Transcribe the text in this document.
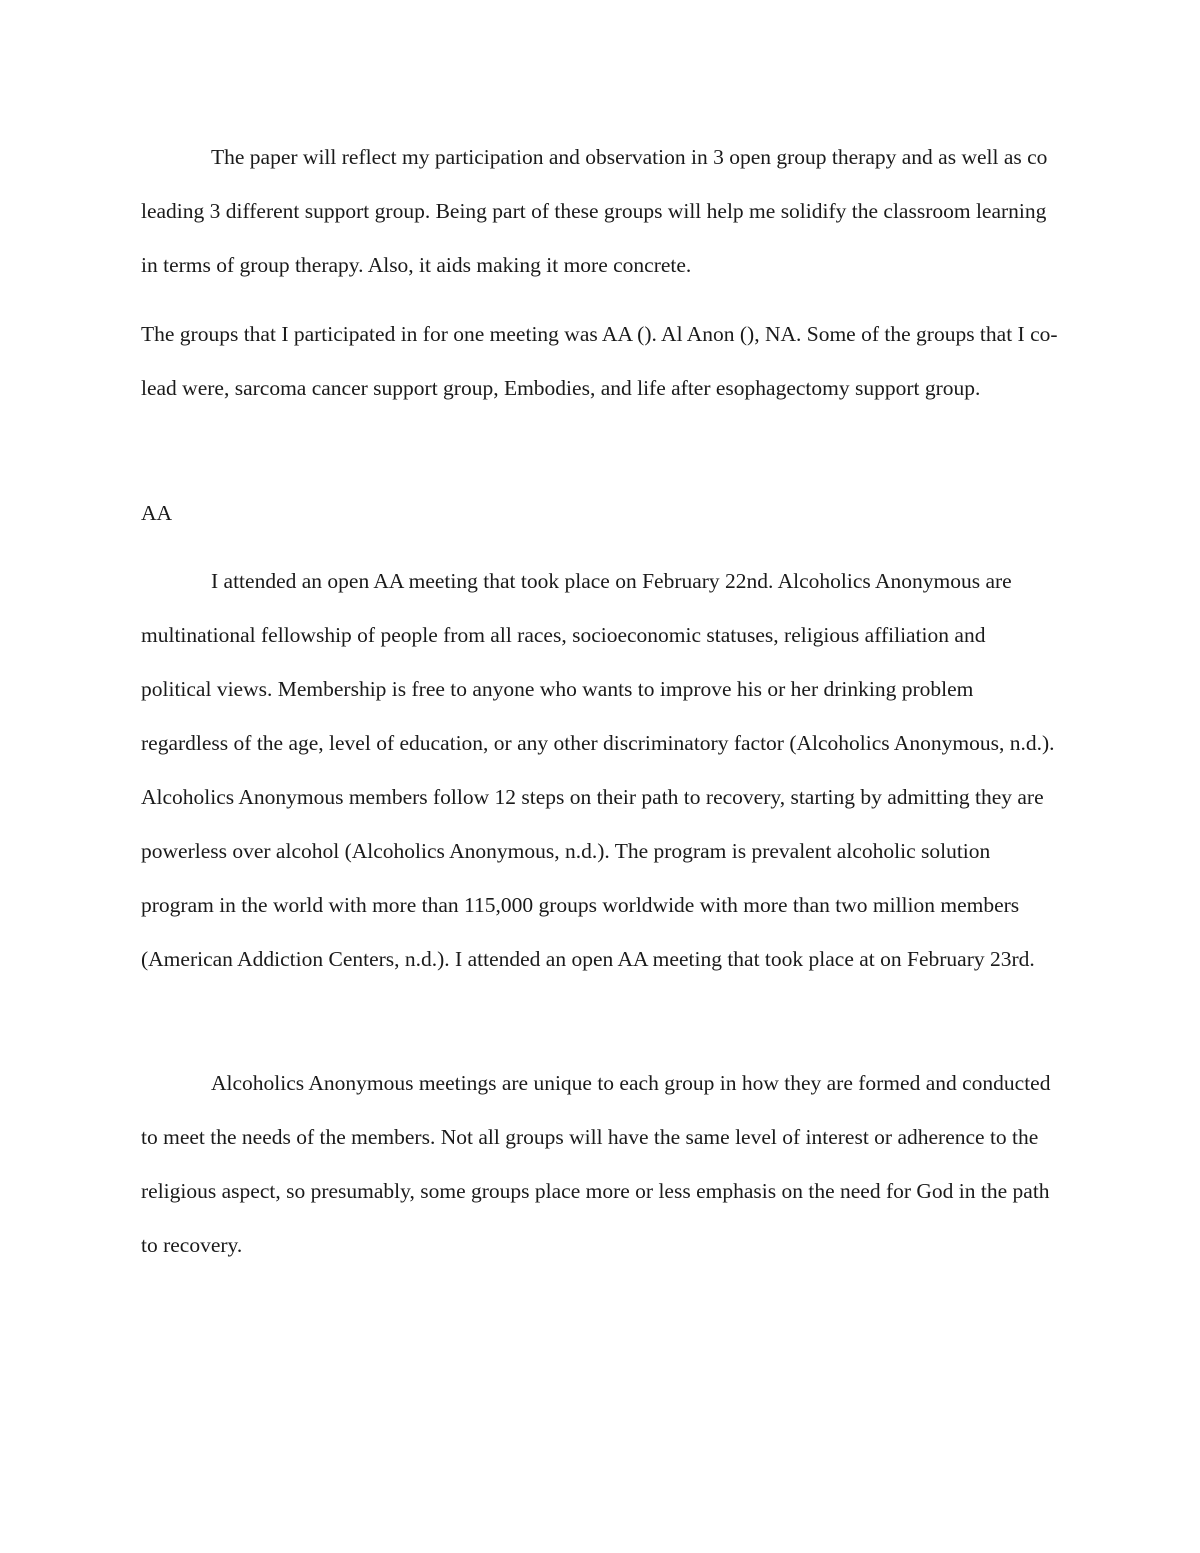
The paper will reflect my participation and observation in 3 open group therapy and as well as co leading 3 different support group. Being part of these groups will help me solidify the classroom learning in terms of group therapy. Also, it aids making it more concrete.

The groups that I participated in for one meeting was AA (). Al Anon (), NA. Some of the groups that I co-lead were, sarcoma cancer support group, Embodies, and life after esophagectomy support group.

AA

I attended an open AA meeting that took place on February 22nd. Alcoholics Anonymous are multinational fellowship of people from all races, socioeconomic statuses, religious affiliation and political views. Membership is free to anyone who wants to improve his or her drinking problem regardless of the age, level of education, or any other discriminatory factor (Alcoholics Anonymous, n.d.). Alcoholics Anonymous members follow 12 steps on their path to recovery, starting by admitting they are powerless over alcohol (Alcoholics Anonymous, n.d.). The program is prevalent alcoholic solution program in the world with more than 115,000 groups worldwide with more than two million members (American Addiction Centers, n.d.). I attended an open AA meeting that took place at on February 23rd.

Alcoholics Anonymous meetings are unique to each group in how they are formed and conducted to meet the needs of the members. Not all groups will have the same level of interest or adherence to the religious aspect, so presumably, some groups place more or less emphasis on the need for God in the path to recovery.
